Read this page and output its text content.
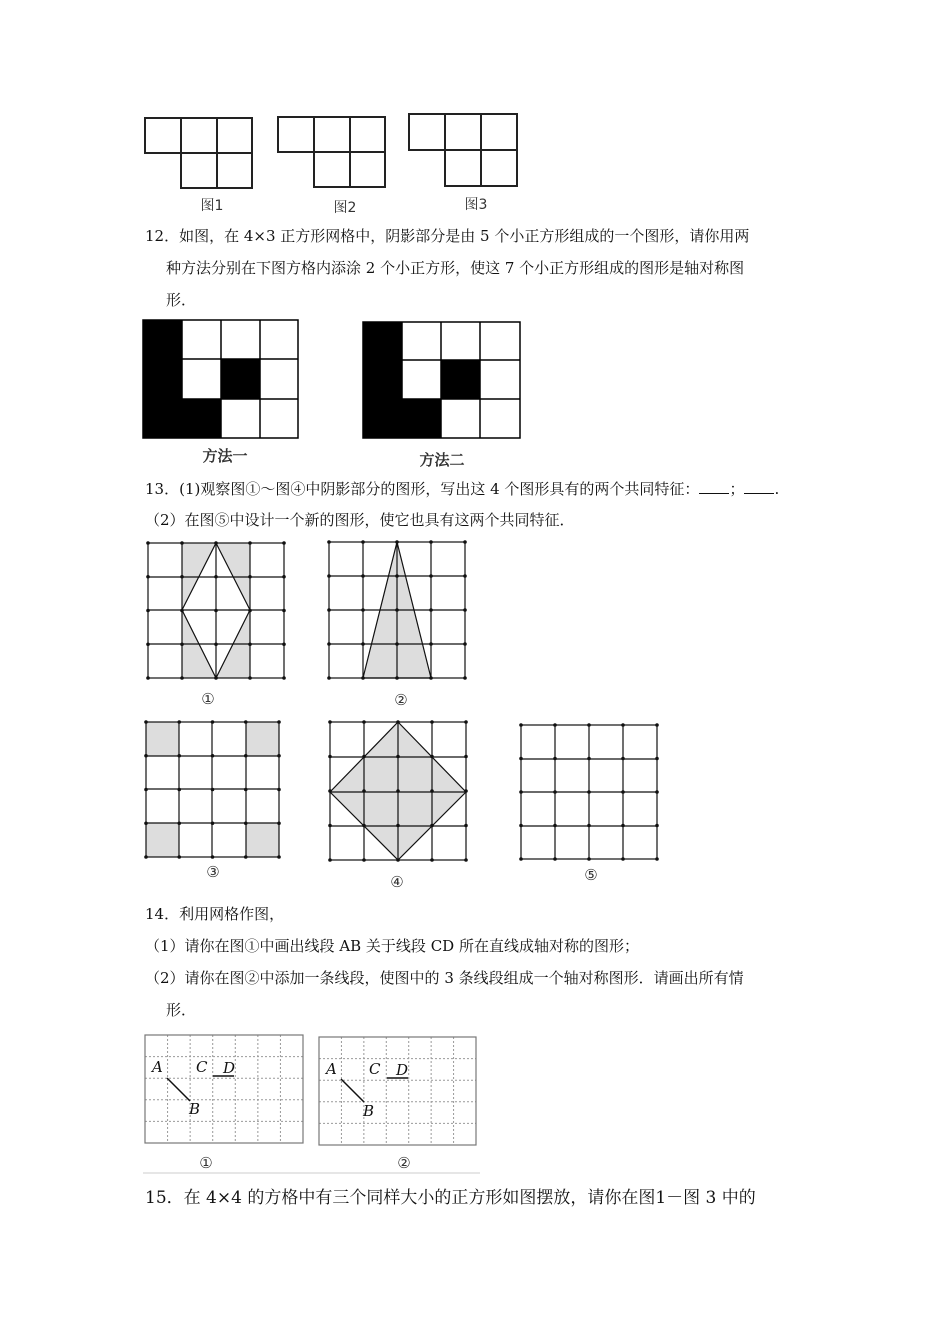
图1	图2	图3
12．如图，在 4×3 正方形网格中，阴影部分是由 5 个小正方形组成的一个图形，请你用两
种方法分别在下图方格内添涂 2 个小正方形，使这 7 个小正方形组成的图形是轴对称图
形．
方法一	方法二
13．(1)观察图①～图④中阴影部分的图形，写出这 4 个图形具有的两个共同特征： ； .
（2）在图⑤中设计一个新的图形，使它也具有这两个共同特征．
①	②
③
④	⑤
14．利用网格作图，
（1）请你在图①中画出线段 AB 关于线段 CD 所在直线成轴对称的图形；
（2）请你在图②中添加一条线段，使图中的 3 条线段组成一个轴对称图形．请画出所有情
形．
A C D
B
A C D
B
①	②
15．在 4×4 的方格中有三个同样大小的正方形如图摆放，请你在图1－图 3 中的
